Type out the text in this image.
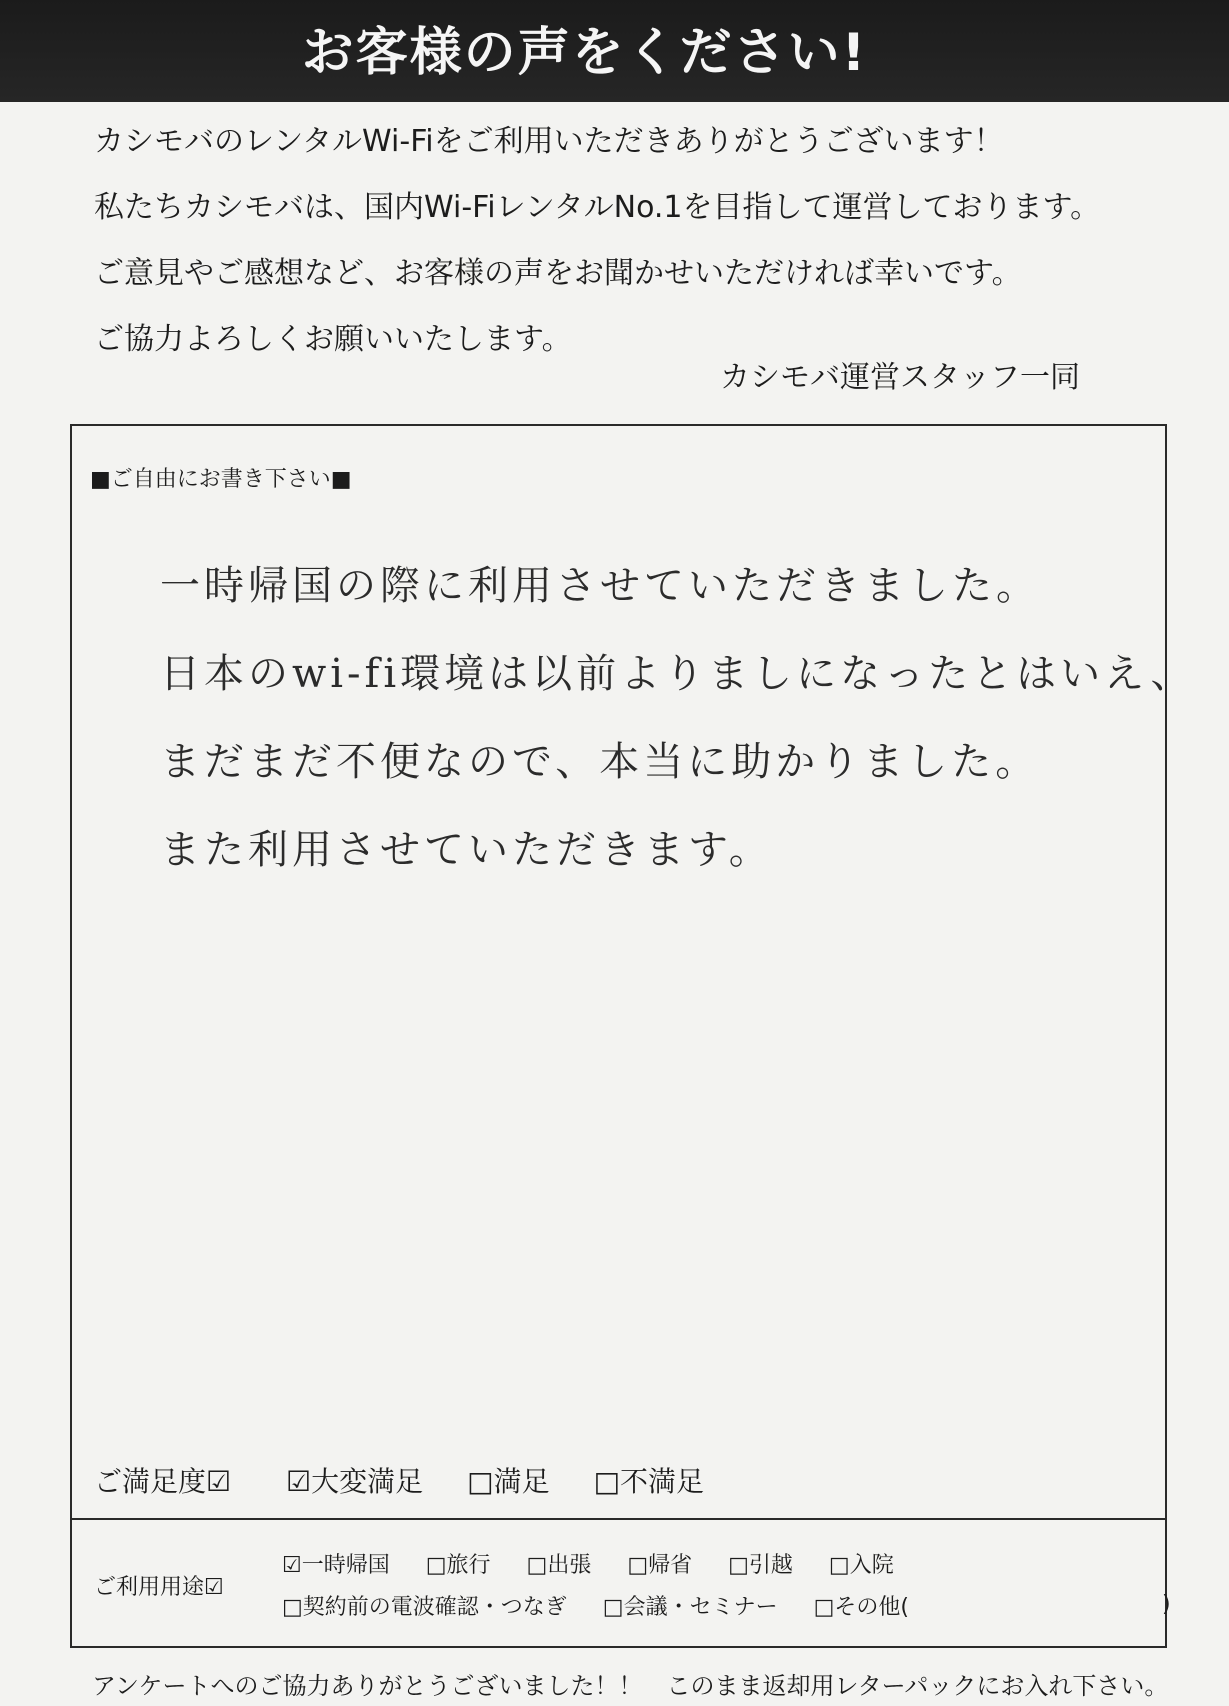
お客様の声をください!
カシモバのレンタルWi-Fiをご利用いただきありがとうございます！
私たちカシモバは、国内Wi-FiレンタルNo.1を目指して運営しております。
ご意見やご感想など、お客様の声をお聞かせいただければ幸いです。
ご協力よろしくお願いいたします。
カシモバ運営スタッフ一同
■ご自由にお書き下さい■
一時帰国の際に利用させていただきました。
日本のwi-fi環境は以前よりましになったとはいえ、
まだまだ不便なので、本当に助かりました。
また利用させていただきます。
ご満足度☑	☑大変満足 □満足 □不満足
ご利用用途☑
☑一時帰国 □旅行 □出張 □帰省 □引越 □入院
□契約前の電波確認・つなぎ □会議・セミナー □その他(	)
アンケートへのご協力ありがとうございました！！　このまま返却用レターパックにお入れ下さい。
